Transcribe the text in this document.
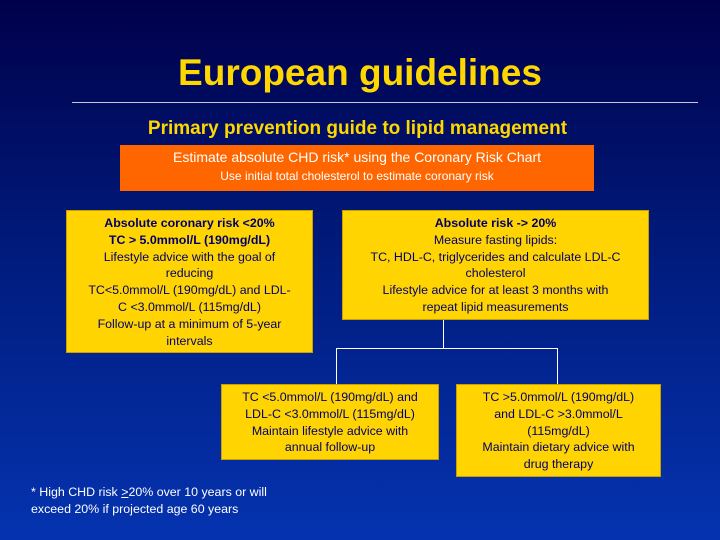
European guidelines
Primary prevention guide to lipid management
Estimate absolute CHD risk* using the Coronary Risk Chart
Use initial total cholesterol to estimate coronary risk
Absolute coronary risk <20%
TC > 5.0mmol/L (190mg/dL)
Lifestyle advice with the goal of
reducing
TC<5.0mmol/L (190mg/dL) and LDL-
C <3.0mmol/L (115mg/dL)
Follow-up at a minimum of 5-year
intervals
Absolute risk -> 20%
Measure fasting lipids:
TC, HDL-C, triglycerides and calculate LDL-C
cholesterol
Lifestyle advice for at least 3 months with
repeat lipid measurements
TC <5.0mmol/L (190mg/dL) and
LDL-C <3.0mmol/L (115mg/dL)
Maintain lifestyle advice with
annual follow-up
TC >5.0mmol/L (190mg/dL)
and LDL-C >3.0mmol/L
(115mg/dL)
Maintain dietary advice with
drug therapy
* High CHD risk >20% over 10 years or will
exceed 20% if projected age 60 years
